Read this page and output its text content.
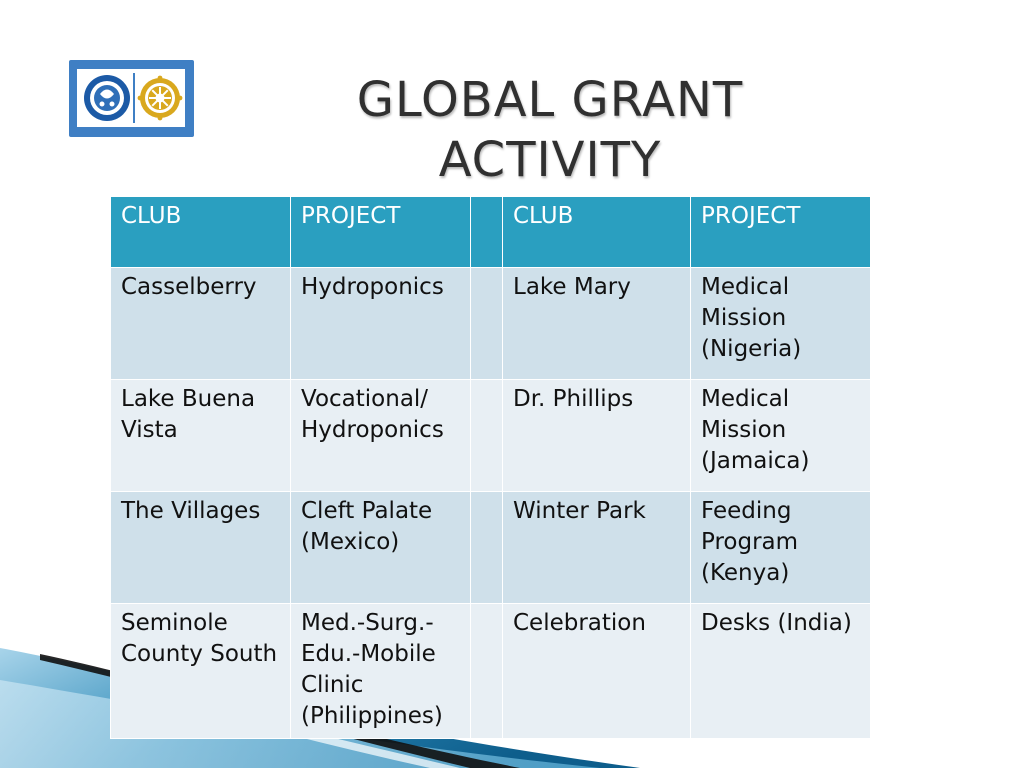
GLOBAL GRANT
ACTIVITY
CLUB	PROJECT		CLUB	PROJECT
Casselberry	Hydroponics		Lake Mary	Medical Mission (Nigeria)
Lake Buena Vista	Vocational/ Hydroponics		Dr. Phillips	Medical Mission (Jamaica)
The Villages	Cleft Palate (Mexico)		Winter Park	Feeding Program (Kenya)
Seminole County South	Med.-Surg.-Edu.-Mobile Clinic (Philippines)		Celebration	Desks (India)
